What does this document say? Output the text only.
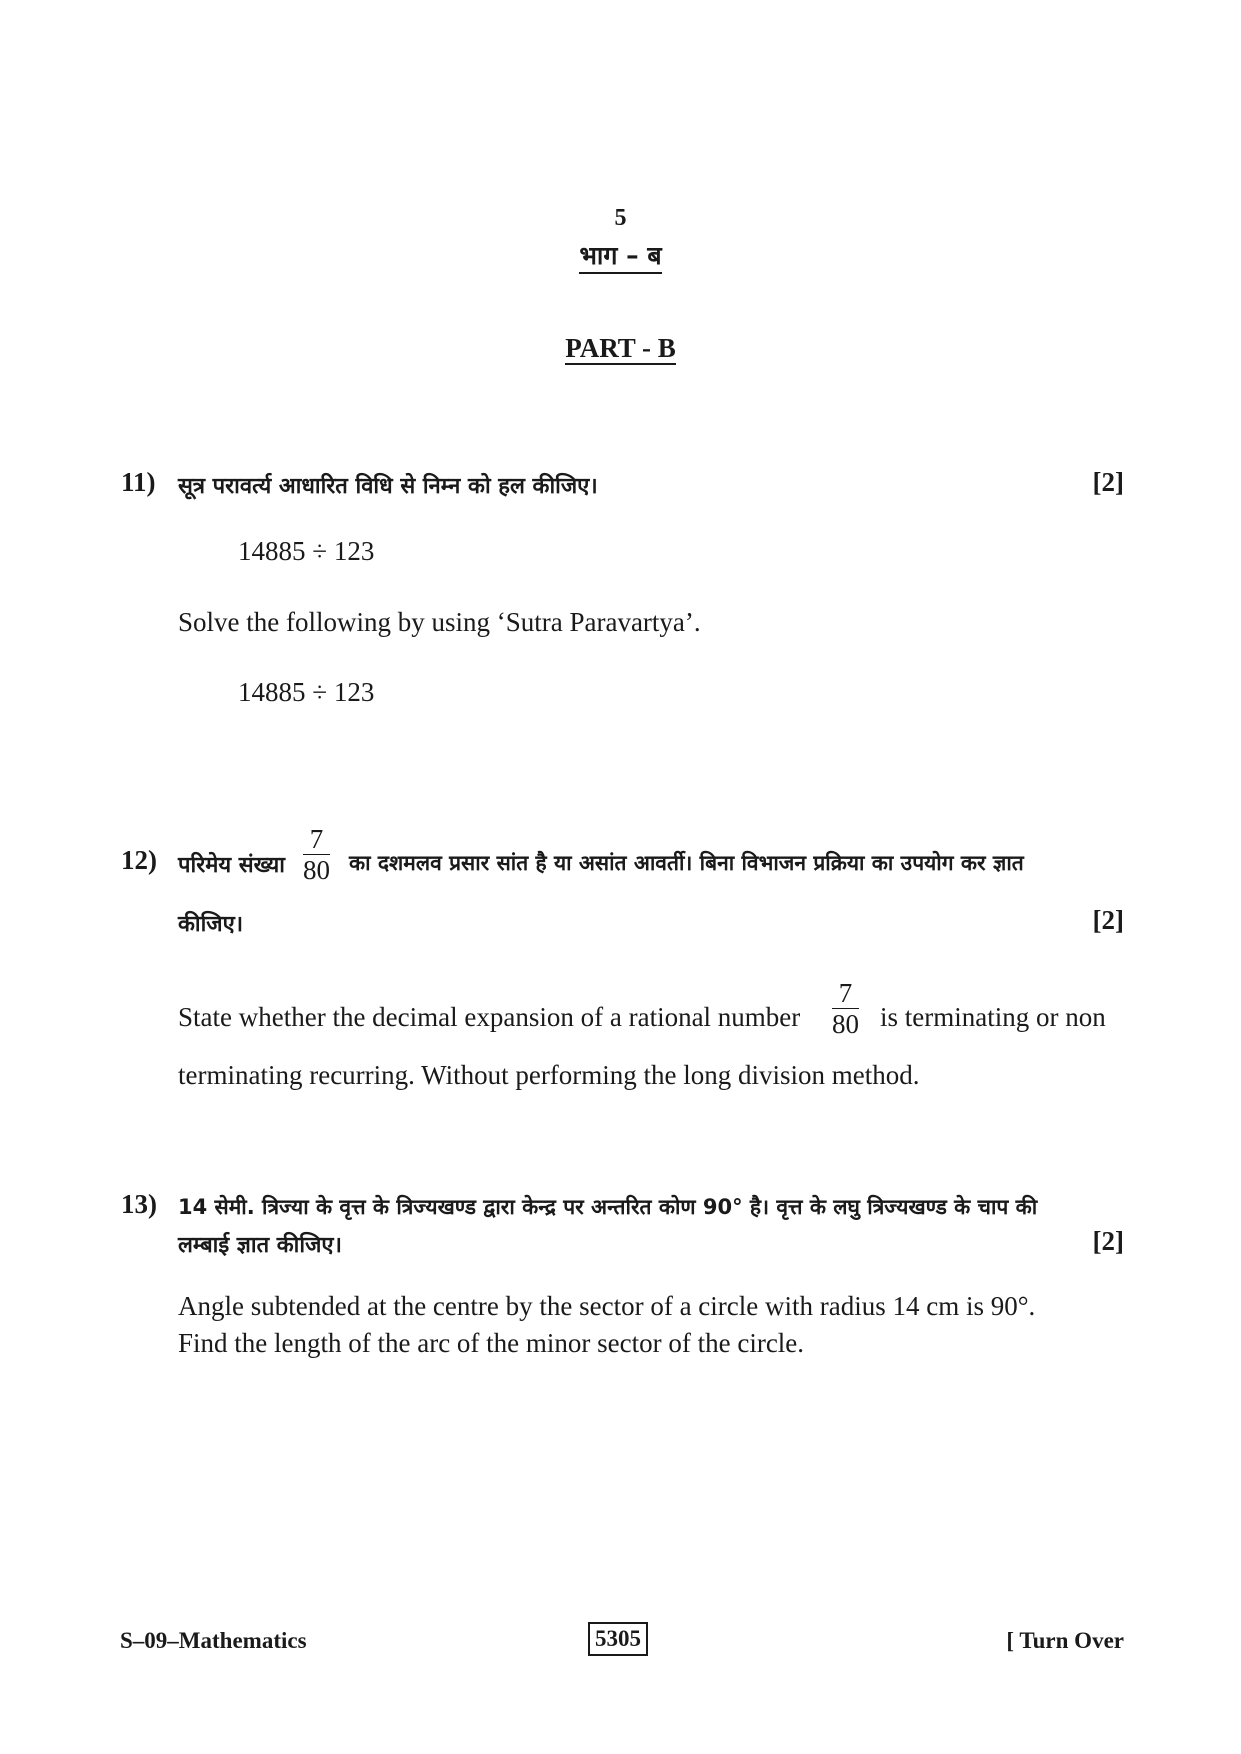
5
भाग – ब
PART - B
11) सूत्र परावर्त्य आधारित विधि से निम्न को हल कीजिए।	[2]
14885 ÷ 123
Solve the following by using ‘Sutra Paravartya’.
14885 ÷ 123
12) परिमेय संख्या $\frac{7}{80}$ का दशमलव प्रसार सांत है या असांत आवर्ती। बिना विभाजन प्रक्रिया का उपयोग कर ज्ञात
कीजिए।	[2]
State whether the decimal expansion of a rational number $\frac{7}{80}$ is terminating or non
terminating recurring. Without performing the long division method.
13) 14 सेमी. त्रिज्या के वृत्त के त्रिज्यखण्ड द्वारा केन्द्र पर अन्तरित कोण 90° है। वृत्त के लघु त्रिज्यखण्ड के चाप की
लम्बाई ज्ञात कीजिए।	[2]
Angle subtended at the centre by the sector of a circle with radius 14 cm is 90°.
Find the length of the arc of the minor sector of the circle.
S–09–Mathematics	5305	[ Turn Over
